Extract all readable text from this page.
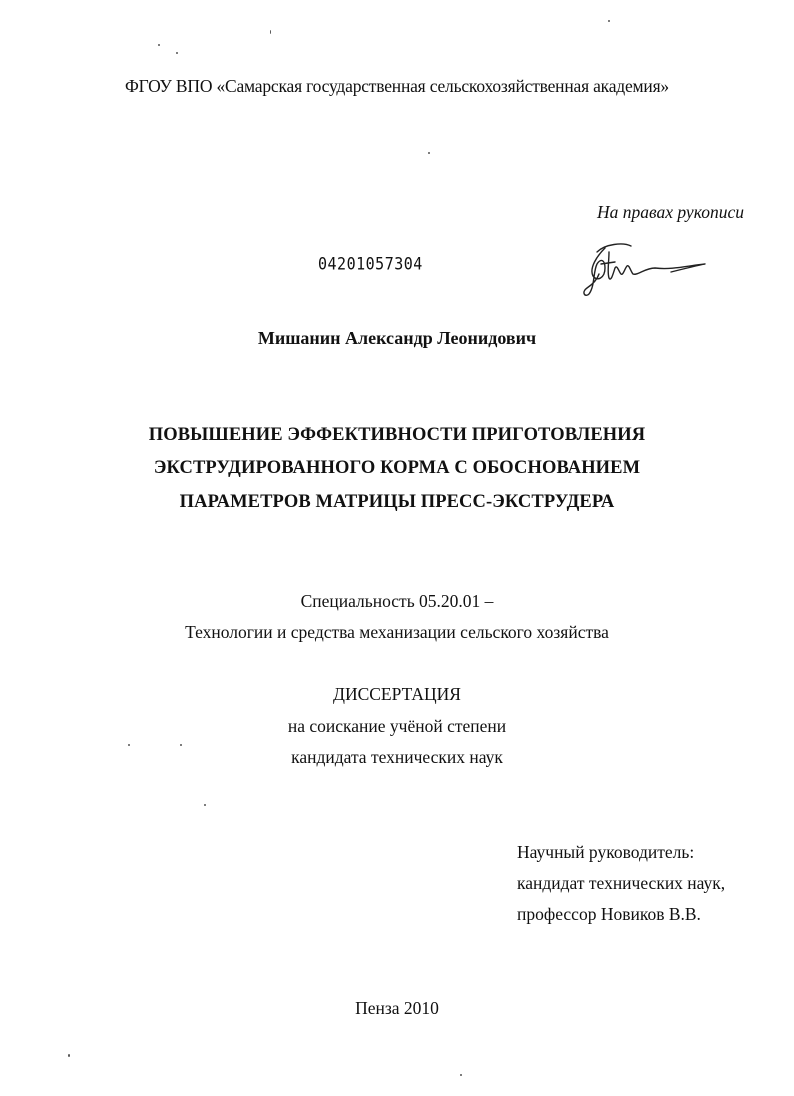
ФГОУ ВПО «Самарская государственная сельскохозяйственная академия»
На правах рукописи
04201057304
Мишанин Александр Леонидович
ПОВЫШЕНИЕ ЭФФЕКТИВНОСТИ ПРИГОТОВЛЕНИЯ
ЭКСТРУДИРОВАННОГО КОРМА С ОБОСНОВАНИЕМ
ПАРАМЕТРОВ МАТРИЦЫ ПРЕСС-ЭКСТРУДЕРА
Специальность 05.20.01 –
Технологии и средства механизации сельского хозяйства
ДИССЕРТАЦИЯ
на соискание учёной степени
кандидата технических наук
Научный руководитель:
кандидат технических наук,
профессор Новиков В.В.
Пенза 2010
